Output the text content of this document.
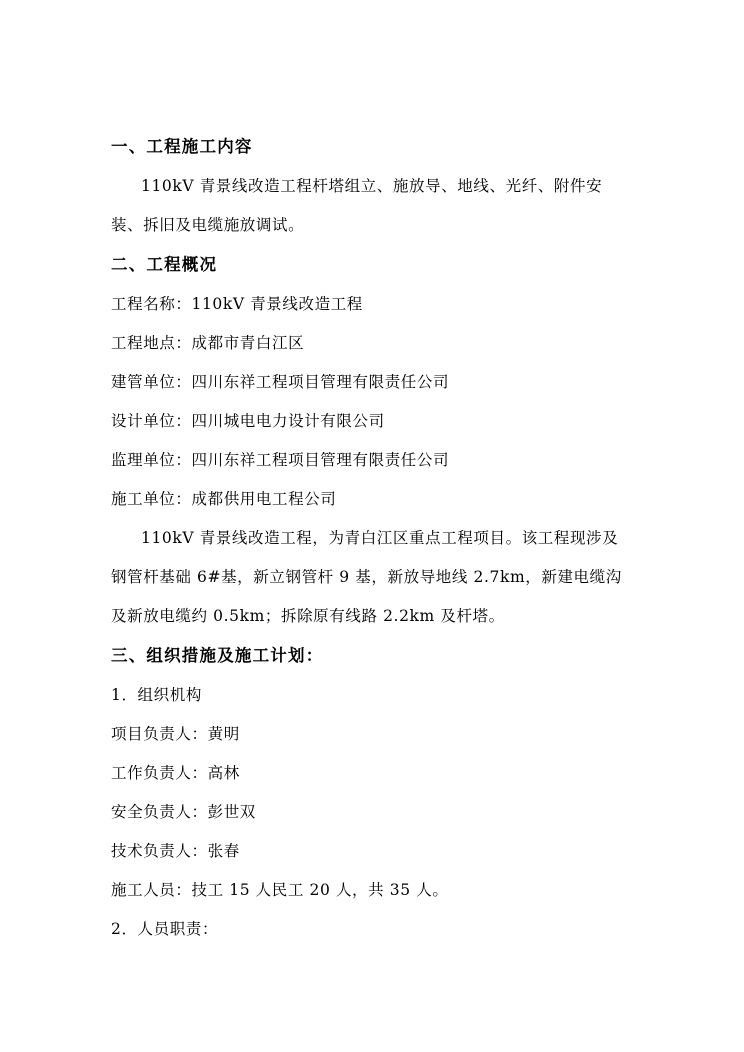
一、工程施工内容
110kV 青景线改造工程杆塔组立、施放导、地线、光纤、附件安
装、拆旧及电缆施放调试。
二、工程概况
工程名称：110kV 青景线改造工程
工程地点：成都市青白江区
建管单位：四川东祥工程项目管理有限责任公司
设计单位：四川城电电力设计有限公司
监理单位：四川东祥工程项目管理有限责任公司
施工单位：成都供用电工程公司
110kV 青景线改造工程，为青白江区重点工程项目。该工程现涉及
钢管杆基础 6#基，新立钢管杆 9 基，新放导地线 2.7km，新建电缆沟
及新放电缆约 0.5km；拆除原有线路 2.2km 及杆塔。
三、组织措施及施工计划：
1．组织机构
项目负责人：黄明
工作负责人：高林
安全负责人：彭世双
技术负责人：张春
施工人员：技工 15 人民工 20 人，共 35 人。
2．人员职责：
